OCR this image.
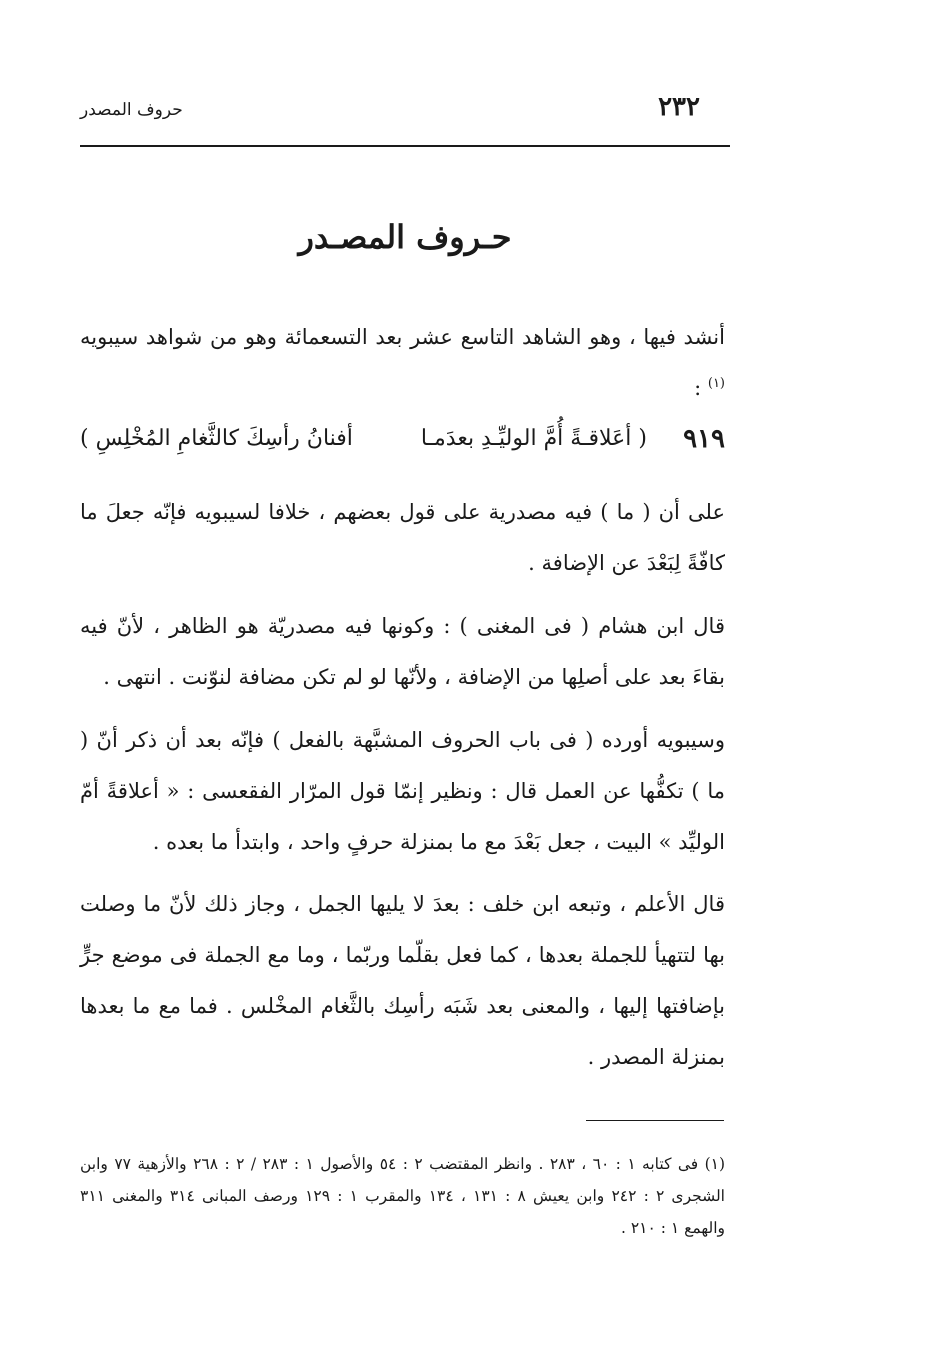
٢٣٢
حروف المصدر
حـروف المصـدر
أنشد فيها ، وهو الشاهد التاسع عشر بعد التسعمائة وهو من شواهد سيبويه $^{(١)}$ :
٩١٩
( أعَلاقـةً أُمَّ الوليِّـدِ بعدَمـا
أفنانُ رأسِكَ كالثَّغامِ المُخْلِسِ )
على أن ( ما ) فيه مصدرية على قول بعضهم ، خلافا لسيبويه فإنّه جعلَ ما كافّةً لِبَعْدَ عن الإضافة .
قال ابن هشام ( فى المغنى ) : وكونها فيه مصدريّة هو الظاهر ، لأنّ فيه بقاءَ بعد على أصلِها من الإضافة ، ولأنّها لو لم تكن مضافة لنوّنت . انتهى .
وسيبويه أورده ( فى باب الحروف المشبَّهة بالفعل ) فإنّه بعد أن ذكر أنّ ( ما ) تكفُّها عن العمل قال : ونظير إنمّا قول المرّار الفقعسى : « أعلاقةً أمّ الوليِّد » البيت ، جعل بَعْدَ مع ما بمنزلة حرفٍ واحد ، وابتدأ ما بعده .
قال الأعلم ، وتبعه ابن خلف : بعدَ لا يليها الجمل ، وجاز ذلك لأنّ ما وصلت بها لتتهيأ للجملة بعدها ، كما فعل بقلّما وربّما ، وما مع الجملة فى موضع جرٍّ بإضافتها إليها ، والمعنى بعد شَبَه رأسِك بالثَّغام المخْلس . فما مع ما بعدها بمنزلة المصدر .
(١) فى كتابه ١ : ٦٠ ، ٢٨٣ . وانظر المقتضب ٢ : ٥٤ والأصول ١ : ٢٨٣ / ٢ : ٢٦٨ والأزهية ٧٧ وابن الشجرى ٢ : ٢٤٢ وابن يعيش ٨ : ١٣١ ، ١٣٤ والمقرب ١ : ١٢٩ ورصف المبانى ٣١٤ والمغنى ٣١١ والهمع ١ : ٢١٠ .
